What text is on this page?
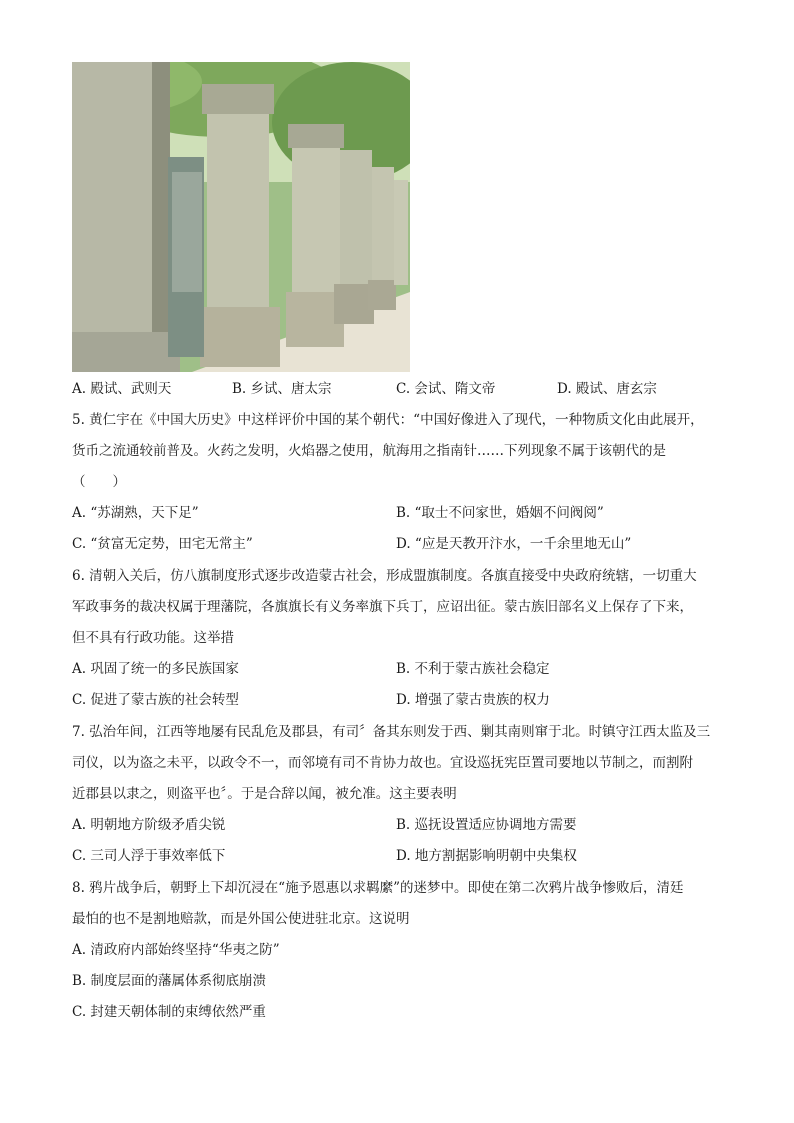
A. 殿试、武则天	B. 乡试、唐太宗	C. 会试、隋文帝	D. 殿试、唐玄宗
5. 黄仁宇在《中国大历史》中这样评价中国的某个朝代：“中国好像进入了现代，一种物质文化由此展开，
货币之流通较前普及。火药之发明，火焰器之使用，航海用之指南针……下列现象不属于该朝代的是
（　　）
A. “苏湖熟，天下足”	B. “取士不问家世，婚姻不问阀阅”
C. “贫富无定势，田宅无常主”	D. “应是天教开汴水，一千余里地无山”
6. 清朝入关后，仿八旗制度形式逐步改造蒙古社会，形成盟旗制度。各旗直接受中央政府统辖，一切重大
军政事务的裁决权属于理藩院，各旗旗长有义务率旗下兵丁，应诏出征。蒙古族旧部名义上保存了下来，
但不具有行政功能。这举措
A. 巩固了统一的多民族国家	B. 不利于蒙古族社会稳定
C. 促进了蒙古族的社会转型	D. 增强了蒙古贵族的权力
7. 弘治年间，江西等地屡有民乱危及郡县，有司〞备其东则发于西、剿其南则窜于北。时镇守江西太监及三
司仪，以为盗之未平，以政令不一，而邻境有司不肯协力故也。宜设巡抚宪臣置司要地以节制之，而割附
近郡县以隶之，则盗平也〞。于是合辞以闻，被允准。这主要表明
A. 明朝地方阶级矛盾尖锐	B. 巡抚设置适应协调地方需要
C. 三司人浮于事效率低下	D. 地方割据影响明朝中央集权
8. 鸦片战争后，朝野上下却沉浸在“施予恩惠以求羁縻”的迷梦中。即使在第二次鸦片战争惨败后，清廷
最怕的也不是割地赔款，而是外国公使进驻北京。这说明
A. 清政府内部始终坚持“华夷之防”
B. 制度层面的藩属体系彻底崩溃
C. 封建天朝体制的束缚依然严重
